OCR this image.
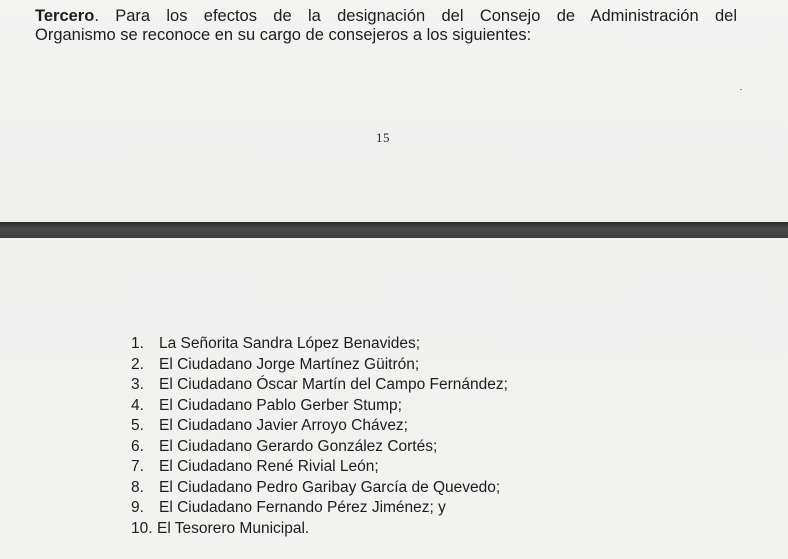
Tercero. Para los efectos de la designación del Consejo de Administración del
Organismo se reconoce en su cargo de consejeros a los siguientes:

15
1. La Señorita Sandra López Benavides;
2. El Ciudadano Jorge Martínez Güitrón;
3. El Ciudadano Óscar Martín del Campo Fernández;
4. El Ciudadano Pablo Gerber Stump;
5. El Ciudadano Javier Arroyo Chávez;
6. El Ciudadano Gerardo González Cortés;
7. El Ciudadano René Rivial León;
8. El Ciudadano Pedro Garibay García de Quevedo;
9. El Ciudadano Fernando Pérez Jiménez; y
10. El Tesorero Municipal.
